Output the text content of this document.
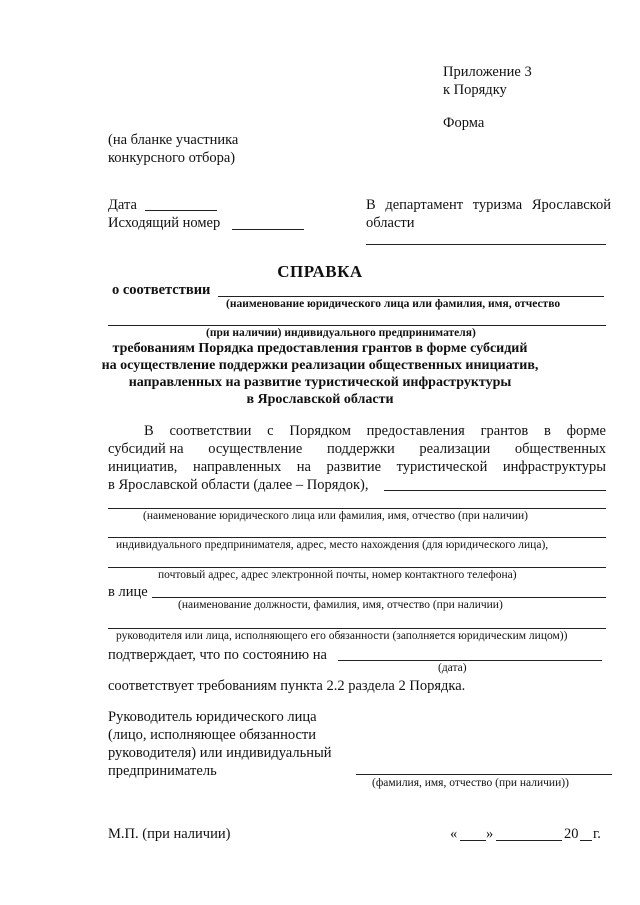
Приложение 3
к Порядку
Форма
(на бланке участника
конкурсного отбора)
Дата
Исходящий номер
В департамент туризма Ярославской
области
СПРАВКА
о соответствии
(наименование юридического лица или фамилия, имя, отчество
(при наличии) индивидуального предпринимателя)
требованиям Порядка предоставления грантов в форме субсидий
на осуществление поддержки реализации общественных инициатив,
направленных на развитие туристической инфраструктуры
в Ярославской области
В соответствии с Порядком предоставления грантов в форме
субсидий на осуществление поддержки реализации общественных
инициатив, направленных на развитие туристической инфраструктуры
в Ярославской области (далее – Порядок),
(наименование юридического лица или фамилия, имя, отчество (при наличии)
индивидуального предпринимателя, адрес, место нахождения (для юридического лица),
почтовый адрес, адрес электронной почты, номер контактного телефона)
в лице
(наименование должности, фамилия, имя, отчество (при наличии)
руководителя или лица, исполняющего его обязанности (заполняется юридическим лицом))
подтверждает, что по состоянию на
(дата)
соответствует требованиям пункта 2.2 раздела 2 Порядка.
Руководитель юридического лица
(лицо, исполняющее обязанности
руководителя) или индивидуальный
предприниматель
(фамилия, имя, отчество (при наличии))
М.П. (при наличии)	« »	20 г.
